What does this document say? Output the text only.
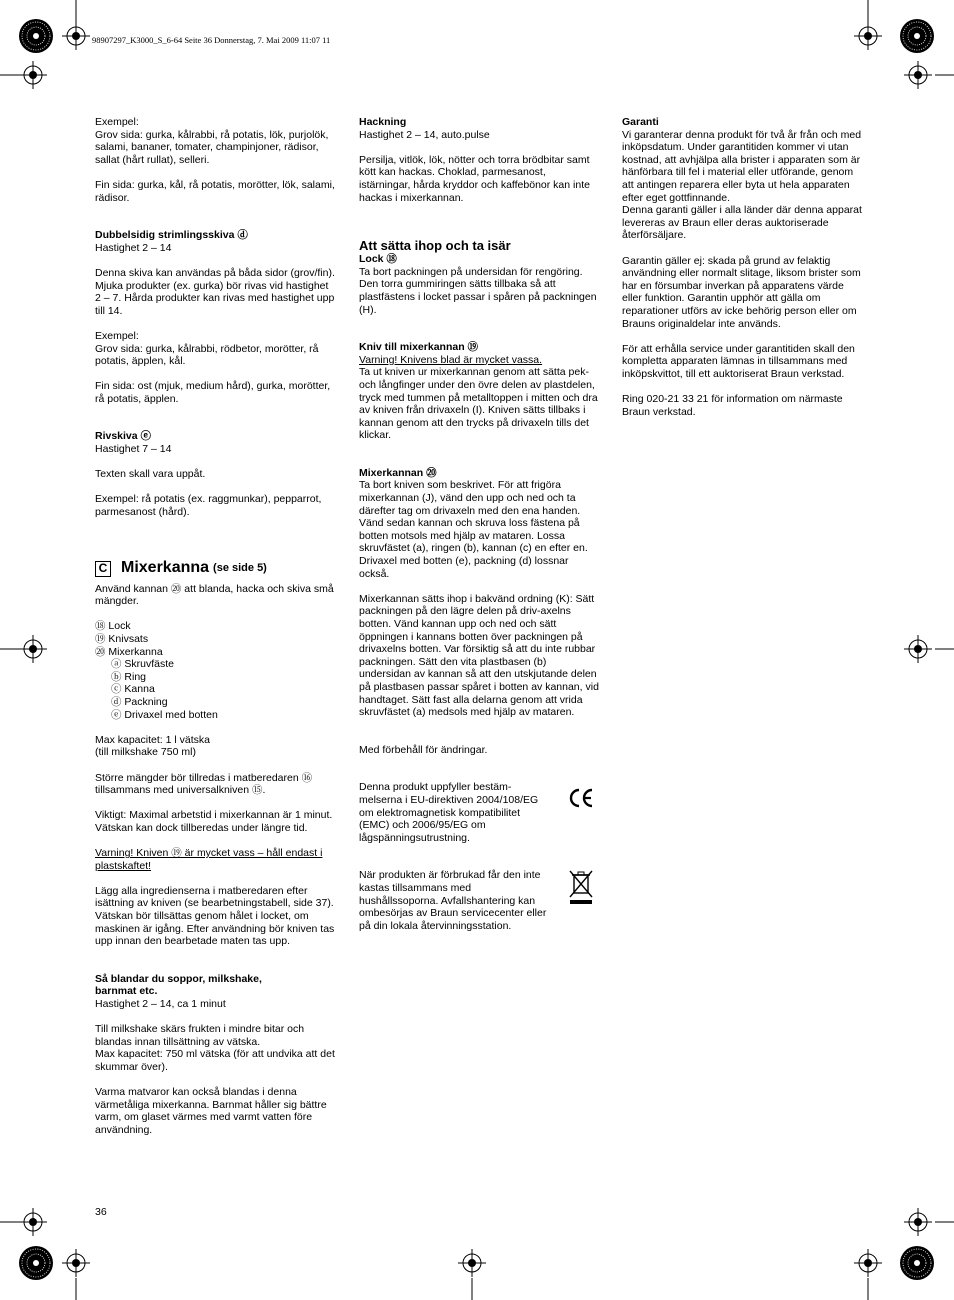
98907297_K3000_S_6-64 Seite 36 Donnerstag, 7. Mai 2009 11:07 11

Exempel:

Grov sida: gurka, kålrabbi, rå potatis, lök, purjolök, salami, bananer, tomater, champinjoner, rädisor, sallat (hårt rullat), selleri.

Fin sida: gurka, kål, rå potatis, morötter, lök, salami, rädisor.

Dubbelsidig strimlingsskiva ⓓ

Hastighet 2 – 14

Denna skiva kan användas på båda sidor (grov/fin). Mjuka produkter (ex. gurka) bör rivas vid hastighet 2 – 7. Hårda produkter kan rivas med hastighet upp till 14.

Exempel:

Grov sida: gurka, kålrabbi, rödbetor, morötter, rå potatis, äpplen, kål.

Fin sida: ost (mjuk, medium hård), gurka, morötter, rå potatis, äpplen.

Rivskiva ⓔ

Hastighet 7 – 14

Texten skall vara uppåt.

Exempel: rå potatis (ex. raggmunkar), pepparrot, parmesanost (hård).

C Mixerkanna (se side 5)

Använd kannan ⑳ att blanda, hacka och skiva små mängder.

⑱ Lock

⑲ Knivsats

⑳ Mixerkanna

ⓐ Skruvfäste

ⓑ Ring

ⓒ Kanna

ⓓ Packning

ⓔ Drivaxel med botten

Max kapacitet: 1 l vätska

(till milkshake 750 ml)

Större mängder bör tillredas i matberedaren ⑯ tillsammans med universalkniven ⑮.

Viktigt: Maximal arbetstid i mixerkannan är 1 minut. Vätskan kan dock tillberedas under längre tid.

Varning! Kniven ⑲ är mycket vass – håll endast i plastskaftet!

Lägg alla ingredienserna i matberedaren efter isättning av kniven (se bearbetningstabell, side 37). Vätskan bör tillsättas genom hålet i locket, om maskinen är igång. Efter användning bör kniven tas upp innan den bearbetade maten tas upp.

Så blandar du soppor, milkshake, barnmat etc.

Hastighet 2 – 14, ca 1 minut

Till milkshake skärs frukten i mindre bitar och blandas innan tillsättning av vätska.

Max kapacitet: 750 ml vätska (för att undvika att det skummar över).

Varma matvaror kan också blandas i denna värmetåliga mixerkanna. Barnmat håller sig bättre varm, om glaset värmes med varmt vatten före användning.

Hackning

Hastighet 2 – 14, auto.pulse

Persilja, vitlök, lök, nötter och torra brödbitar samt kött kan hackas. Choklad, parmesanost, istärningar, hårda kryddor och kaffebönor kan inte hackas i mixerkannan.

Att sätta ihop och ta isär

Lock ⑱

Ta bort packningen på undersidan för rengöring. Den torra gummiringen sätts tillbaka så att plastfästens i locket passar i spåren på packningen (H).

Kniv till mixerkannan ⑲

Varning! Knivens blad är mycket vassa.

Ta ut kniven ur mixerkannan genom att sätta pek- och långfinger under den övre delen av plastdelen, tryck med tummen på metalltoppen i mitten och dra av kniven från drivaxeln (I). Kniven sätts tillbaks i kannan genom att den trycks på drivaxeln tills det klickar.

Mixerkannan ⑳

Ta bort kniven som beskrivet. För att frigöra mixerkannan (J), vänd den upp och ned och ta därefter tag om drivaxeln med den ena handen. Vänd sedan kannan och skruva loss fästena på botten motsols med hjälp av mataren. Lossa skruvfästet (a), ringen (b), kannan (c) en efter en. Drivaxel med botten (e), packning (d) lossnar också.

Mixerkannan sätts ihop i bakvänd ordning (K): Sätt packningen på den lägre delen på driv-axelns botten. Vänd kannan upp och ned och sätt öppningen i kannans botten över packningen på drivaxelns botten. Var försiktig så att du inte rubbar packningen. Sätt den vita plastbasen (b) undersidan av kannan så att den utskjutande delen på plastbasen passar spåret i botten av kannan, vid handtaget. Sätt fast alla delarna genom att vrida skruvfästet (a) medsols med hjälp av mataren.

Med förbehåll för ändringar.

Denna produkt uppfyller bestäm-melserna i EU-direktiven 2004/108/EG om elektromagnetisk kompatibilitet (EMC) och 2006/95/EG om lågspänningsutrustning.

När produkten är förbrukad får den inte kastas tillsammans med hushållssoporna. Avfallshantering kan ombesörjas av Braun servicecenter eller på din lokala återvinningsstation.

Garanti

Vi garanterar denna produkt för två år från och med inköpsdatum. Under garantitiden kommer vi utan kostnad, att avhjälpa alla brister i apparaten som är hänförbara till fel i material eller utförande, genom att antingen reparera eller byta ut hela apparaten efter eget gottfinnande.

Denna garanti gäller i alla länder där denna apparat levereras av Braun eller deras auktoriserade återförsäljare.

Garantin gäller ej: skada på grund av felaktig användning eller normalt slitage, liksom brister som har en försumbar inverkan på apparatens värde eller funktion. Garantin upphör att gälla om reparationer utförs av icke behörig person eller om Brauns originaldelar inte används.

För att erhålla service under garantitiden skall den kompletta apparaten lämnas in tillsammans med inköpskvittot, till ett auktoriserat Braun verkstad.

Ring 020-21 33 21 för information om närmaste Braun verkstad.

36
